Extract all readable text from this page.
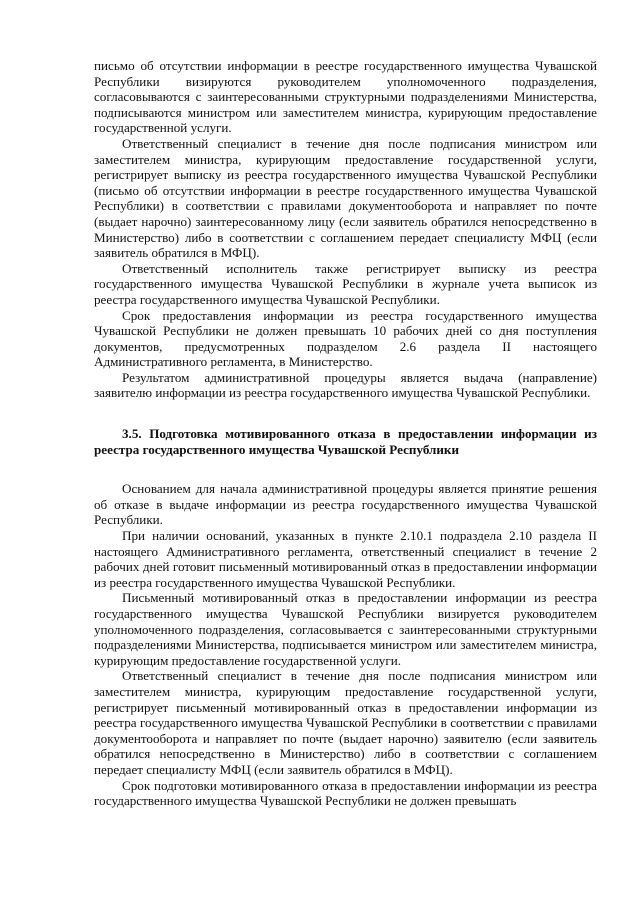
письмо об отсутствии информации в реестре государственного имущества Чувашской Республики визируются руководителем уполномоченного подразделения, согласовываются с заинтересованными структурными подразделениями Министерства, подписываются министром или заместителем министра, курирующим предоставление государственной услуги.

Ответственный специалист в течение дня после подписания министром или заместителем министра, курирующим предоставление государственной услуги, регистрирует выписку из реестра государственного имущества Чувашской Республики (письмо об отсутствии информации в реестре государственного имущества Чувашской Республики) в соответствии с правилами документооборота и направляет по почте (выдает нарочно) заинтересованному лицу (если заявитель обратился непосредственно в Министерство) либо в соответствии с соглашением передает специалисту МФЦ (если заявитель обратился в МФЦ).

Ответственный исполнитель также регистрирует выписку из реестра государственного имущества Чувашской Республики в журнале учета выписок из реестра государственного имущества Чувашской Республики.

Срок предоставления информации из реестра государственного имущества Чувашской Республики не должен превышать 10 рабочих дней со дня поступления документов, предусмотренных подразделом 2.6 раздела II настоящего Административного регламента, в Министерство.

Результатом административной процедуры является выдача (направление) заявителю информации из реестра государственного имущества Чувашской Республики.

3.5. Подготовка мотивированного отказа в предоставлении информации из реестра государственного имущества Чувашской Республики

Основанием для начала административной процедуры является принятие решения об отказе в выдаче информации из реестра государственного имущества Чувашской Республики.

При наличии оснований, указанных в пункте 2.10.1 подраздела 2.10 раздела II настоящего Административного регламента, ответственный специалист в течение 2 рабочих дней готовит письменный мотивированный отказ в предоставлении информации из реестра государственного имущества Чувашской Республики.

Письменный мотивированный отказ в предоставлении информации из реестра государственного имущества Чувашской Республики визируется руководителем уполномоченного подразделения, согласовывается с заинтересованными структурными подразделениями Министерства, подписывается министром или заместителем министра, курирующим предоставление государственной услуги.

Ответственный специалист в течение дня после подписания министром или заместителем министра, курирующим предоставление государственной услуги, регистрирует письменный мотивированный отказ в предоставлении информации из реестра государственного имущества Чувашской Республики в соответствии с правилами документооборота и направляет по почте (выдает нарочно) заявителю (если заявитель обратился непосредственно в Министерство) либо в соответствии с соглашением передает специалисту МФЦ (если заявитель обратился в МФЦ).

Срок подготовки мотивированного отказа в предоставлении информации из реестра государственного имущества Чувашской Республики не должен превышать
